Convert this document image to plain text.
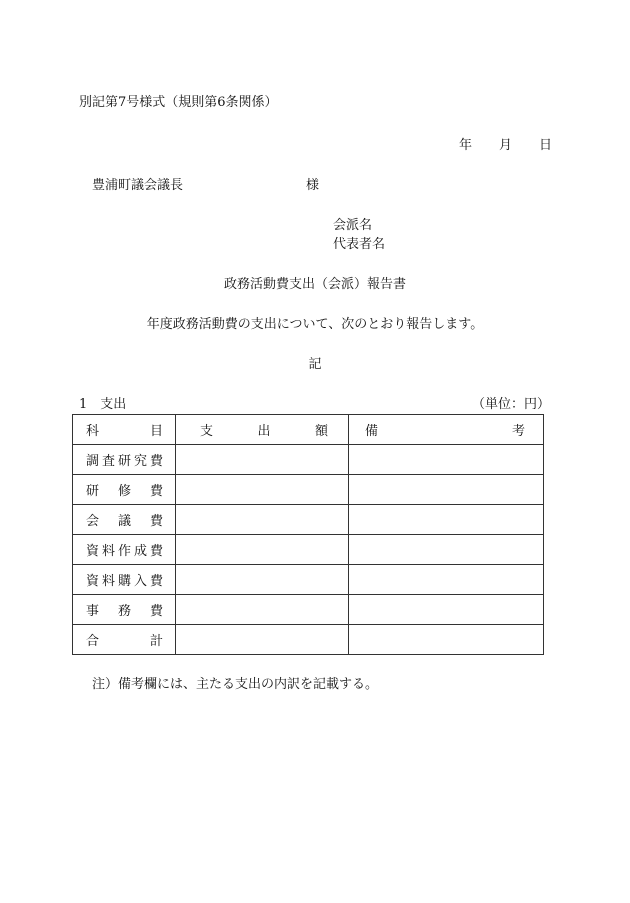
別記第7号様式（規則第6条関係）
年 月 日
豊浦町議会議長	様
会派名
代表者名
政務活動費支出（会派）報告書
年度政務活動費の支出について、次のとおり報告します。
記
1　支出	（単位：円）
科 目	支 出 額	備 考

調 査 研 究 費		

研 修 費		

会 議 費		

資 料 作 成 費		

資 料 購 入 費		

事 務 費		

合 計		

注）備考欄には、主たる支出の内訳を記載する。
